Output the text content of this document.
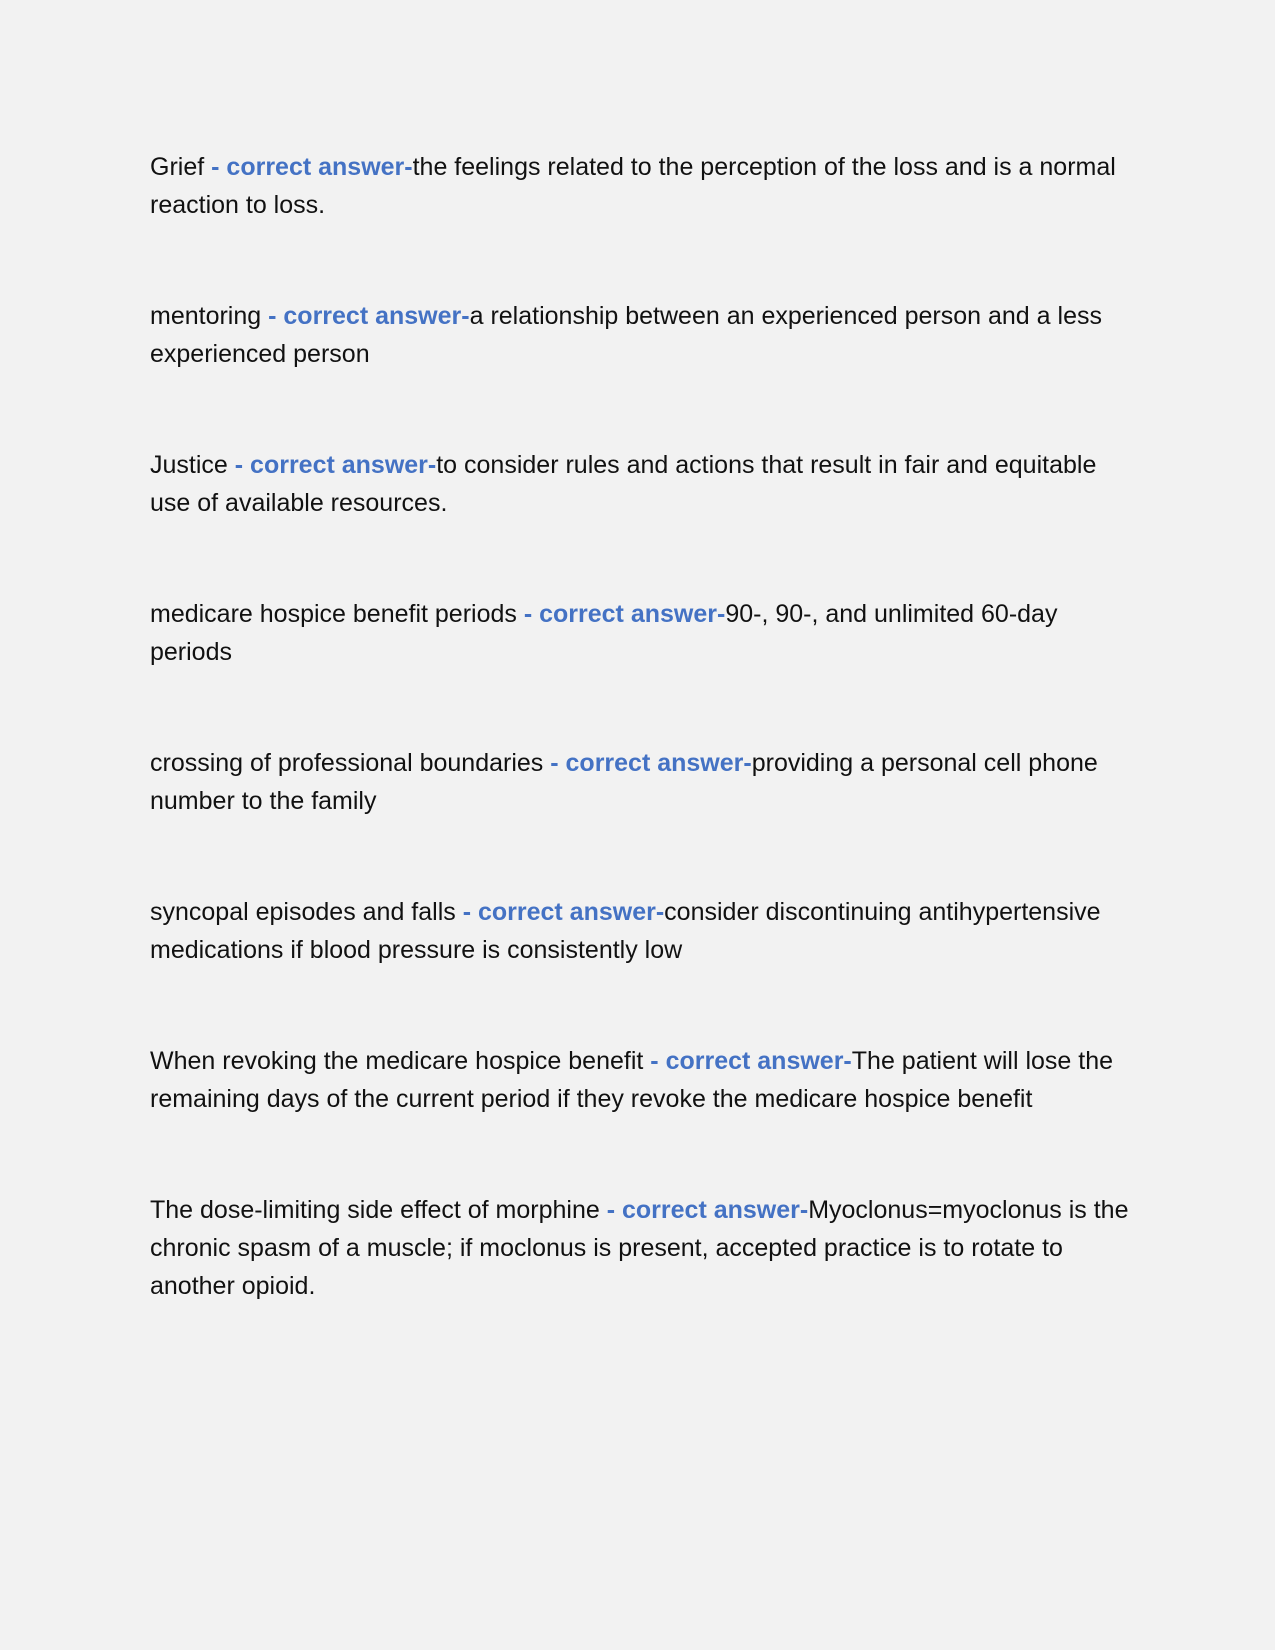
Grief - correct answer-the feelings related to the perception of the loss and is a normal reaction to loss.

mentoring - correct answer-a relationship between an experienced person and a less experienced person

Justice - correct answer-to consider rules and actions that result in fair and equitable use of available resources.

medicare hospice benefit periods - correct answer-90-, 90-, and unlimited 60-day periods

crossing of professional boundaries - correct answer-providing a personal cell phone number to the family

syncopal episodes and falls - correct answer-consider discontinuing antihypertensive medications if blood pressure is consistently low

When revoking the medicare hospice benefit - correct answer-The patient will lose the remaining days of the current period if they revoke the medicare hospice benefit

The dose-limiting side effect of morphine - correct answer-Myoclonus=myoclonus is the chronic spasm of a muscle; if moclonus is present, accepted practice is to rotate to another opioid.
